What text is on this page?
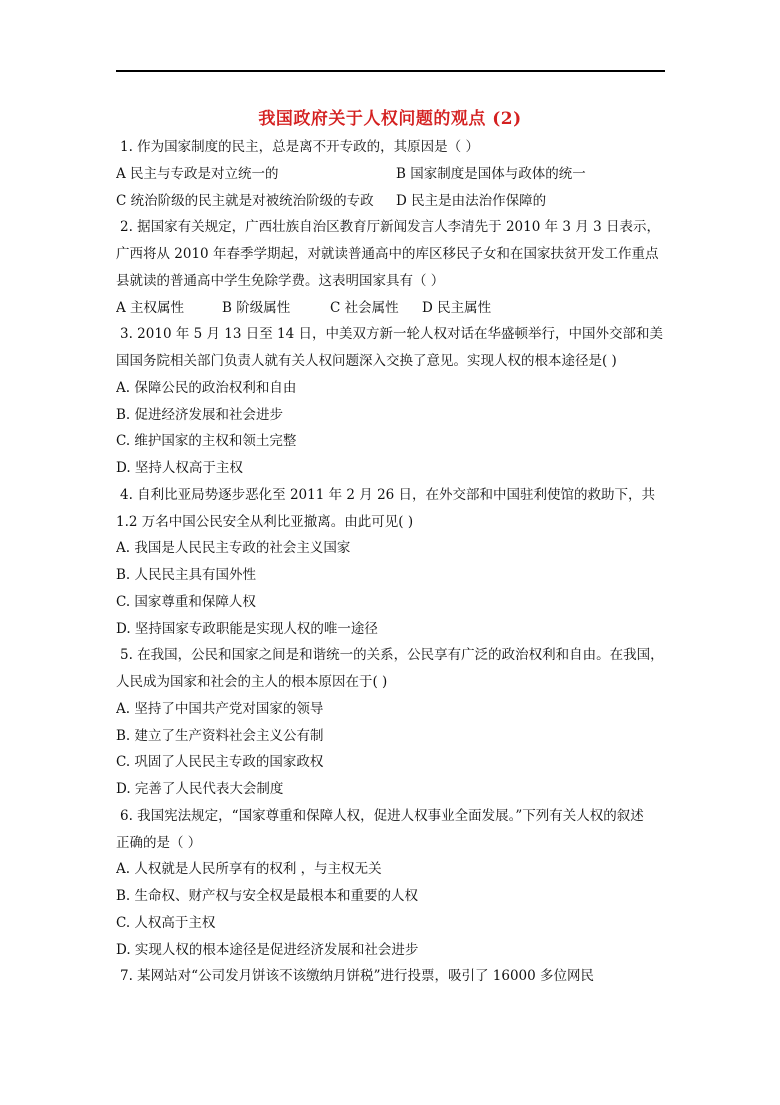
我国政府关于人权问题的观点 (2)
1. 作为国家制度的民主，总是离不开专政的，其原因是（ ）
A 民主与专政是对立统一的	B 国家制度是国体与政体的统一
C 统治阶级的民主就是对被统治阶级的专政	D 民主是由法治作保障的
2. 据国家有关规定，广西壮族自治区教育厅新闻发言人李清先于 2010 年 3 月 3 日表示，
广西将从 2010 年春季学期起，对就读普通高中的库区移民子女和在国家扶贫开发工作重点
县就读的普通高中学生免除学费。这表明国家具有（ ）
A 主权属性	B 阶级属性	C 社会属性	D 民主属性
3. 2010 年 5 月 13 日至 14 日，中美双方新一轮人权对话在华盛顿举行，中国外交部和美
国国务院相关部门负责人就有关人权问题深入交换了意见。实现人权的根本途径是( )
A. 保障公民的政治权利和自由
B. 促进经济发展和社会进步
C. 维护国家的主权和领土完整
D. 坚持人权高于主权
4. 自利比亚局势逐步恶化至 2011 年 2 月 26 日，在外交部和中国驻利使馆的救助下，共
1.2 万名中国公民安全从利比亚撤离。由此可见( )
A. 我国是人民民主专政的社会主义国家
B. 人民民主具有国外性
C. 国家尊重和保障人权
D. 坚持国家专政职能是实现人权的唯一途径
5. 在我国，公民和国家之间是和谐统一的关系，公民享有广泛的政治权利和自由。在我国，
人民成为国家和社会的主人的根本原因在于( )
A. 坚持了中国共产党对国家的领导
B. 建立了生产资料社会主义公有制
C. 巩固了人民民主专政的国家政权
D. 完善了人民代表大会制度
6. 我国宪法规定，“国家尊重和保障人权，促进人权事业全面发展。”下列有关人权的叙述
正确的是（ ）
A. 人权就是人民所享有的权利 ，与主权无关
B. 生命权、财产权与安全权是最根本和重要的人权
C. 人权高于主权
D. 实现人权的根本途径是促进经济发展和社会进步
7. 某网站对“公司发月饼该不该缴纳月饼税”进行投票，吸引了 16000 多位网民
